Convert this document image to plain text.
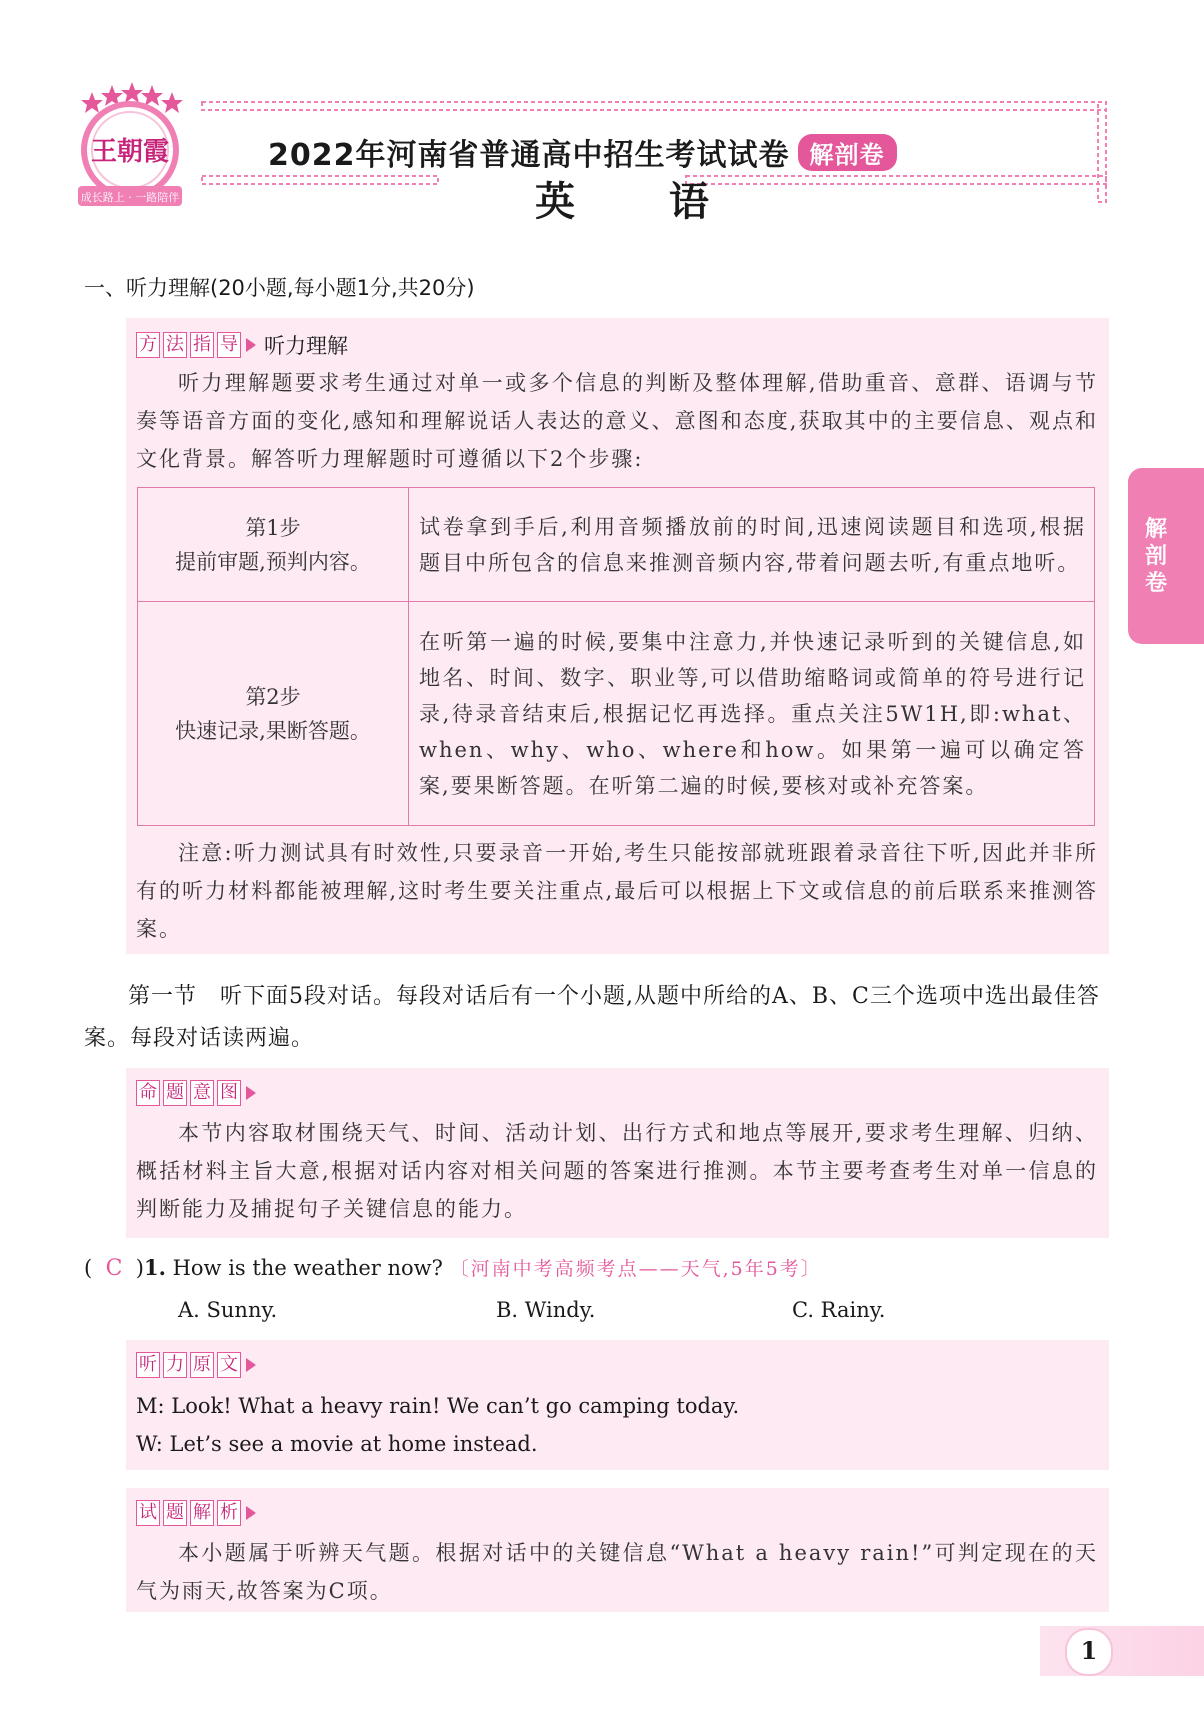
王朝霞
成长路上 · 一路陪伴
2022年河南省普通高中招生考试试卷 解剖卷
英 语
解
剖
卷
一、听力理解(20小题,每小题1分,共20分)
方 法 指 导 听力理解
听力理解题要求考生通过对单一或多个信息的判断及整体理解,借助重音、意群、语调与节奏等语音方面的变化,感知和理解说话人表达的意义、意图和态度,获取其中的主要信息、观点和文化背景。解答听力理解题时可遵循以下2个步骤:
第1步
提前审题,预判内容。	试卷拿到手后,利用音频播放前的时间,迅速阅读题目和选项,根据题目中所包含的信息来推测音频内容,带着问题去听,有重点地听。

第2步
快速记录,果断答题。	在听第一遍的时候,要集中注意力,并快速记录听到的关键信息,如地名、时间、数字、职业等,可以借助缩略词或简单的符号进行记录,待录音结束后,根据记忆再选择。重点关注5W1H,即:what、when、why、who、where和how。如果第一遍可以确定答案,要果断答题。在听第二遍的时候,要核对或补充答案。
注意:听力测试具有时效性,只要录音一开始,考生只能按部就班跟着录音往下听,因此并非所有的听力材料都能被理解,这时考生要关注重点,最后可以根据上下文或信息的前后联系来推测答案。
第一节　听下面5段对话。每段对话后有一个小题,从题中所给的A、B、C三个选项中选出最佳答案。每段对话读两遍。
命 题 意 图
本节内容取材围绕天气、时间、活动计划、出行方式和地点等展开,要求考生理解、归纳、概括材料主旨大意,根据对话内容对相关问题的答案进行推测。本节主要考查考生对单一信息的判断能力及捕捉句子关键信息的能力。
( C )1. How is the weather now? 〔河南中考高频考点——天气,5年5考〕
A. Sunny.	B. Windy.	C. Rainy.
听 力 原 文
M: Look! What a heavy rain! We can’t go camping today.
W: Let’s see a movie at home instead.
试 题 解 析
本小题属于听辨天气题。根据对话中的关键信息“What a heavy rain!”可判定现在的天气为雨天,故答案为C项。
1
